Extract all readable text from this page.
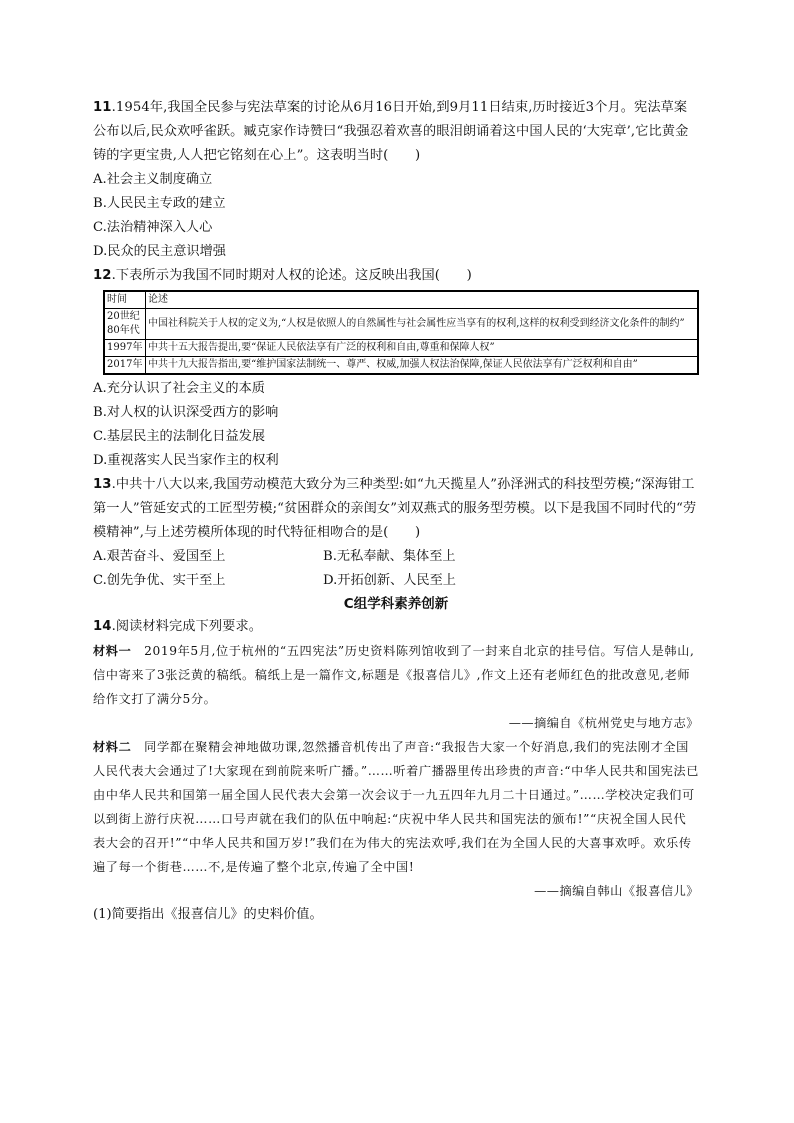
11.1954年,我国全民参与宪法草案的讨论从6月16日开始,到9月11日结束,历时接近3个月。宪法草案公布以后,民众欢呼雀跃。臧克家作诗赞曰“我强忍着欢喜的眼泪朗诵着这中国人民的‘大宪章’,它比黄金铸的字更宝贵,人人把它铭刻在心上”。这表明当时(　　)
A.社会主义制度确立
B.人民民主专政的建立
C.法治精神深入人心
D.民众的民主意识增强
12.下表所示为我国不同时期对人权的论述。这反映出我国(　　)
时间	论述
20世纪80年代	中国社科院关于人权的定义为,“人权是依照人的自然属性与社会属性应当享有的权利,这样的权利受到经济文化条件的制约”
1997年	中共十五大报告提出,要“保证人民依法享有广泛的权利和自由,尊重和保障人权”
2017年	中共十九大报告指出,要“维护国家法制统一、尊严、权威,加强人权法治保障,保证人民依法享有广泛权利和自由”
A.充分认识了社会主义的本质
B.对人权的认识深受西方的影响
C.基层民主的法制化日益发展
D.重视落实人民当家作主的权利
13.中共十八大以来,我国劳动模范大致分为三种类型:如“九天揽星人”孙泽洲式的科技型劳模;“深海钳工第一人”管延安式的工匠型劳模;“贫困群众的亲闺女”刘双燕式的服务型劳模。以下是我国不同时代的“劳模精神”,与上述劳模所体现的时代特征相吻合的是(　　)
A.艰苦奋斗、爱国至上	B.无私奉献、集体至上
C.创先争优、实干至上	D.开拓创新、人民至上
C组学科素养创新
14.阅读材料完成下列要求。
材料一　2019年5月,位于杭州的“五四宪法”历史资料陈列馆收到了一封来自北京的挂号信。写信人是韩山,信中寄来了3张泛黄的稿纸。稿纸上是一篇作文,标题是《报喜信儿》,作文上还有老师红色的批改意见,老师给作文打了满分5分。
——摘编自《杭州党史与地方志》
材料二　同学都在聚精会神地做功课,忽然播音机传出了声音:“我报告大家一个好消息,我们的宪法刚才全国人民代表大会通过了!大家现在到前院来听广播。”……听着广播器里传出珍贵的声音:“中华人民共和国宪法已由中华人民共和国第一届全国人民代表大会第一次会议于一九五四年九月二十日通过。”……学校决定我们可以到街上游行庆祝……口号声就在我们的队伍中响起:“庆祝中华人民共和国宪法的颁布!”“庆祝全国人民代表大会的召开!”“中华人民共和国万岁!”我们在为伟大的宪法欢呼,我们在为全国人民的大喜事欢呼。欢乐传遍了每一个街巷……不,是传遍了整个北京,传遍了全中国!
——摘编自韩山《报喜信儿》
(1)简要指出《报喜信儿》的史料价值。
